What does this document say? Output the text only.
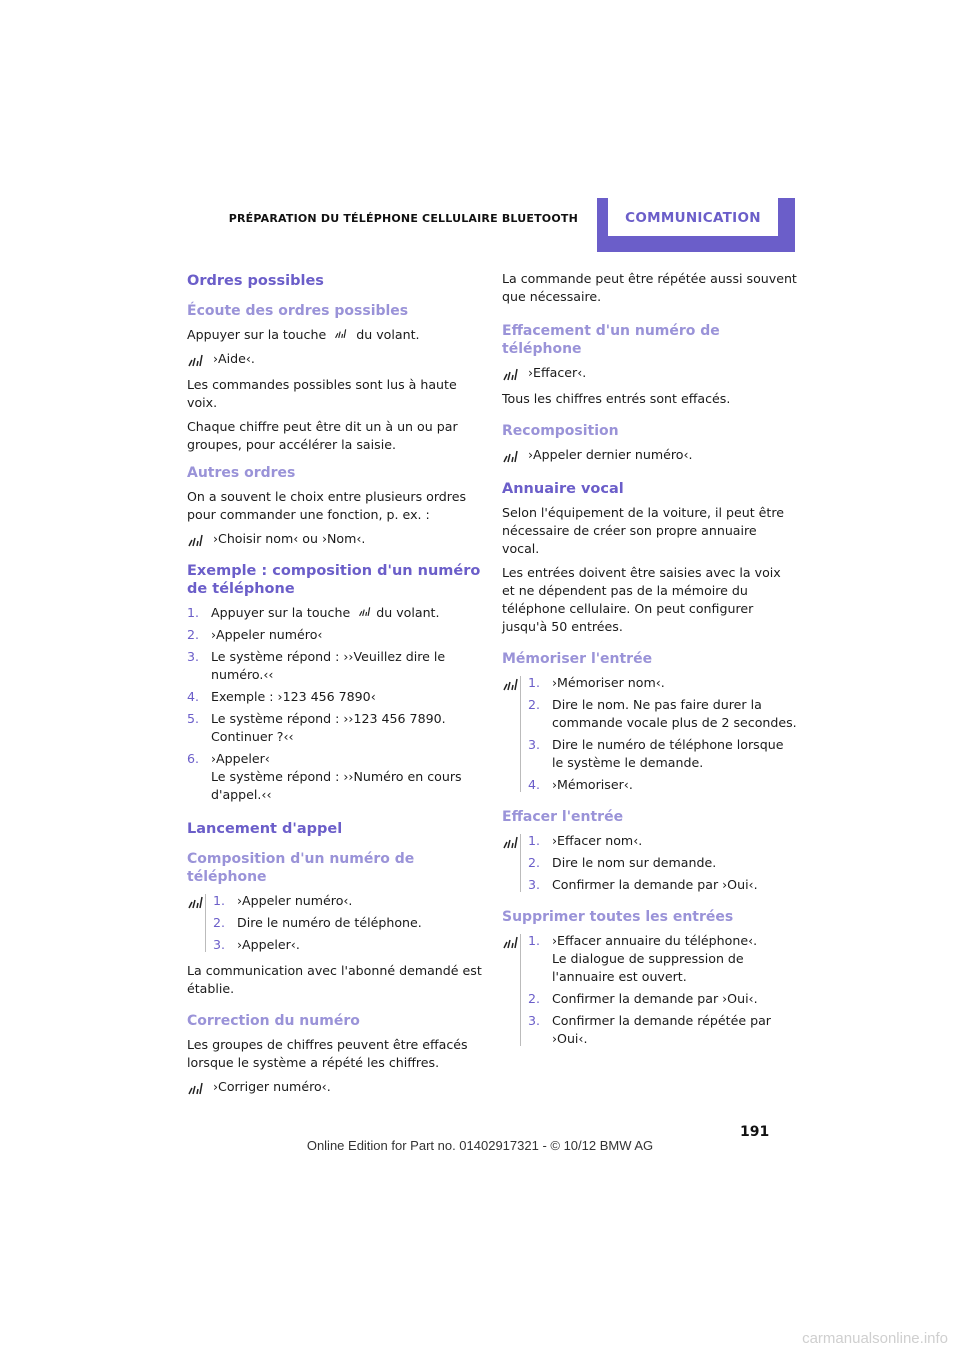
PRÉPARATION DU TÉLÉPHONE CELLULAIRE BLUETOOTH	COMMUNICATION
Ordres possibles
Écoute des ordres possibles

Appuyer sur la touche du volant.

›Aide‹.

Les commandes possibles sont lus à haute voix.

Chaque chiffre peut être dit un à un ou par groupes, pour accélérer la saisie.

Autres ordres

On a souvent le choix entre plusieurs ordres pour commander une fonction, p. ex. :

›Choisir nom‹ ou ›Nom‹.
Exemple : composition d'un numéro de téléphone
1. Appuyer sur la touche du volant.
2. ›Appeler numéro‹
3. Le système répond : ››Veuillez dire le numéro.‹‹
4. Exemple : ›123 456 7890‹
5. Le système répond : ››123 456 7890. Continuer ?‹‹
6. ›Appeler‹
Le système répond : ››Numéro en cours d'appel.‹‹
Lancement d'appel
Composition d'un numéro de téléphone
1. ›Appeler numéro‹.
2. Dire le numéro de téléphone.
3. ›Appeler‹.

La communication avec l'abonné demandé est établie.

Correction du numéro

Les groupes de chiffres peuvent être effacés lorsque le système a répété les chiffres.

›Corriger numéro‹.

La commande peut être répétée aussi souvent que nécessaire.

Effacement d'un numéro de téléphone
›Effacer‹.

Tous les chiffres entrés sont effacés.

Recomposition
›Appeler dernier numéro‹.
Annuaire vocal

Selon l'équipement de la voiture, il peut être nécessaire de créer son propre annuaire vocal.

Les entrées doivent être saisies avec la voix et ne dépendent pas de la mémoire du téléphone cellulaire. On peut configurer jusqu'à 50 entrées.

Mémoriser l'entrée
1. ›Mémoriser nom‹.
2. Dire le nom. Ne pas faire durer la commande vocale plus de 2 secondes.
3. Dire le numéro de téléphone lorsque le système le demande.
4. ›Mémoriser‹.
Effacer l'entrée
1. ›Effacer nom‹.
2. Dire le nom sur demande.
3. Confirmer la demande par ›Oui‹.
Supprimer toutes les entrées
1. ›Effacer annuaire du téléphone‹.
Le dialogue de suppression de l'annuaire est ouvert.
2. Confirmer la demande par ›Oui‹.
3. Confirmer la demande répétée par ›Oui‹.
191
Online Edition for Part no. 01402917321 - © 10/12 BMW AG
carmanualsonline.info
